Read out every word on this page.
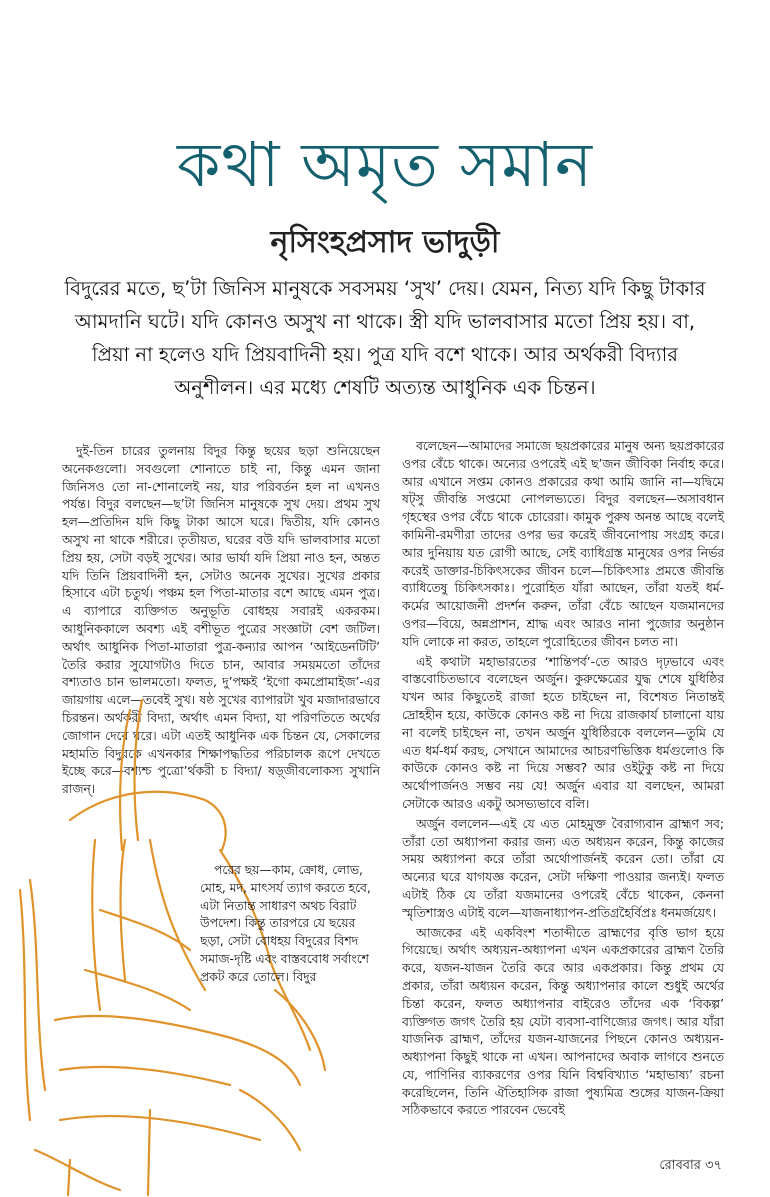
কথা অমৃত সমান
নৃসিংহপ্রসাদ ভাদুড়ী
বিদুরের মতে, ছ’টা জিনিস মানুষকে সবসময় ‘সুখ’ দেয়। যেমন, নিত্য যদি কিছু টাকার আমদানি ঘটে। যদি কোনও অসুখ না থাকে। স্ত্রী যদি ভালবাসার মতো প্রিয় হয়। বা, প্রিয়া না হলেও যদি প্রিয়বাদিনী হয়। পুত্র যদি বশে থাকে। আর অর্থকরী বিদ্যার অনুশীলন। এর মধ্যে শেষটি অত্যন্ত আধুনিক এক চিন্তন।

দুই-তিন চারের তুলনায় বিদুর কিন্তু ছয়ের ছড়া শুনিয়েছেন অনেকগুলো। সবগুলো শোনাতে চাই না, কিন্তু এমন জানা জিনিসও তো না-শোনালেই নয়, যার পরিবর্তন হল না এখনও পর্যন্ত। বিদুর বলছেন—ছ’টা জিনিস মানুষকে সুখ দেয়। প্রথম সুখ হল—প্রতিদিন যদি কিছু টাকা আসে ঘরে। দ্বিতীয়, যদি কোনও অসুখ না থাকে শরীরে। তৃতীয়ত, ঘরের বউ যদি ভালবাসার মতো প্রিয় হয়, সেটা বড়ই সুখের। আর ভার্যা যদি প্রিয়া নাও হন, অন্তত যদি তিনি প্রিয়বাদিনী হন, সেটাও অনেক সুখের। সুখের প্রকার হিসাবে এটা চতুর্থ। পঞ্চম হল পিতা-মাতার বশে আছে এমন পুত্র। এ ব্যাপারে ব্যক্তিগত অনুভূতি বোধহয় সবারই একরকম। আধুনিককালে অবশ্য এই বশীভূত পুত্রের সংজ্ঞাটা বেশ জটিল। অর্থাৎ আধুনিক পিতা-মাতারা পুত্র-কন্যার আপন ‘আইডেনটিটি’ তৈরি করার সুযোগটাও দিতে চান, আবার সময়মতো তাঁদের বশ্যতাও চান ভালমতো। ফলত, দু’পক্ষই ‘ইগো কমপ্রোমাইজ’-এর জায়গায় এলে—তবেই সুখ। ষষ্ঠ সুখের ব্যাপারটা খুব মজাদারভাবে চিরন্তন। অর্থকরী বিদ্যা, অর্থাৎ এমন বিদ্যা, যা পরিণতিতে অর্থের জোগান দেবে ঘরে। এটা এতই আধুনিক এক চিন্তন যে, সেকালের মহামতি বিদুরকে এখনকার শিক্ষাপদ্ধতির পরিচালক রূপে দেখতে ইচ্ছে করে—বশ্যশ্চ পুত্রো’র্থকরী চ বিদ্যা/ ষড়্জীবলোকস্য সুখানি রাজন্‌।

পরের ছয়—কাম, ক্রোধ, লোভ, মোহ, মদ, মাৎসর্য ত্যাগ করতে হবে, এটা নিতান্ত সাধারণ অথচ বিরাট উপদেশ। কিন্তু তারপরে যে ছয়ের ছড়া, সেটা বোধহয় বিদুরের বিশদ সমাজ-দৃষ্টি এবং বাস্তববোধ সর্বাংশে প্রকট করে তোলে। বিদুর

বলেছেন—আমাদের সমাজে ছয়প্রকারের মানুষ অন্য ছয়প্রকারের ওপর বেঁচে থাকে। অন্যের ওপরেই এই ছ’জন জীবিকা নির্বাহ করে। আর এখানে সপ্তম কোনও প্রকারের কথা আমি জানি না—যদ্বিমে ষট্‌সু জীবন্তি সপ্তমো নোপলভ্যতে। বিদুর বলছেন—অসাবধান গৃহস্থের ওপর বেঁচে থাকে চোরেরা। কামুক পুরুষ অনন্ত আছে বলেই কামিনী-রমণীরা তাদের ওপর ভর করেই জীবনোপায় সংগ্রহ করে। আর দুনিয়ায় যত রোগী আছে, সেই ব্যাধিগ্রস্ত মানুষের ওপর নির্ভর করেই ডাক্তার-চিকিৎসকের জীবন চলে—চিকিৎসাঃ প্রমত্তে জীবন্তি ব্যাধিতেষু চিকিৎসকাঃ। পুরোহিত যাঁরা আছেন, তাঁরা যতই ধর্ম-কর্মের আয়োজনী প্রদর্শন করুন, তাঁরা বেঁচে আছেন যজমানদের ওপর—বিয়ে, অন্নপ্রাশন, শ্রাদ্ধ এবং আরও নানা পুজোর অনুষ্ঠান যদি লোকে না করত, তাহলে পুরোহিতের জীবন চলত না।

এই কথাটা মহাভারতের ‘শান্তিপর্ব’-তে আরও দৃঢ়ভাবে এবং বাস্তবোচিতভাবে বলেছেন অর্জুন। কুরুক্ষেত্রের যুদ্ধ শেষে যুধিষ্ঠির যখন আর কিছুতেই রাজা হতে চাইছেন না, বিশেষত নিতান্তই দ্রোহহীন হয়ে, কাউকে কোনও কষ্ট না দিয়ে রাজকার্য চালানো যায় না বলেই চাইছেন না, তখন অর্জুন যুধিষ্ঠিরকে বললেন—তুমি যে এত ধর্ম-ধর্ম করছ, সেখানে আমাদের আচরণভিত্তিক ধর্মগুলোও কি কাউকে কোনও কষ্ট না দিয়ে সম্ভব? আর ওইটুকু কষ্ট না দিয়ে অর্থোপার্জনও সম্ভব নয় যে! অর্জুন এবার যা বলছেন, আমরা সেটাকে আরও একটু অসভ্যভাবে বলি।

অর্জুন বললেন—এই যে এত মোহমুক্ত বৈরাগ্যবান ব্রাহ্মণ সব; তাঁরা তো অধ্যাপনা করার জন্য এত অধ্যয়ন করেন, কিন্তু কাজের সময় অধ্যাপনা করে তাঁরা অর্থোপার্জনই করেন তো। তাঁরা যে অন্যের ঘরে যাগযজ্ঞ করেন, সেটা দক্ষিণা পাওয়ার জন্যই। ফলত এটাই ঠিক যে তাঁরা যজমানের ওপরেই বেঁচে থাকেন, কেননা স্মৃতিশাস্ত্রও এটাই বলে—যাজনাধ্যাপন-প্রতিগ্রহৈর্বিপ্রঃ ধনমর্জয়েৎ।

আজকের এই একবিংশ শতাব্দীতে ব্রাহ্মণের বৃত্তি ভাগ হয়ে গিয়েছে। অর্থাৎ অধ্যয়ন-অধ্যাপনা এখন একপ্রকারের ব্রাহ্মণ তৈরি করে, যজন-যাজন তৈরি করে আর একপ্রকার। কিন্তু প্রথম যে প্রকার, তাঁরা অধ্যয়ন করেন, কিন্তু অধ্যাপনার কালে শুধুই অর্থের চিন্তা করেন, ফলত অধ্যাপনার বাইরেও তাঁদের এক ‘বিকল্প’ ব্যক্তিগত জগৎ তৈরি হয় যেটা ব্যবসা-বাণিজ্যের জগৎ। আর যাঁরা যাজনিক ব্রাহ্মণ, তাঁদের যজন-যাজনের পিছনে কোনও অধ্যয়ন-অধ্যাপনা কিছুই থাকে না এখন। আপনাদের অবাক লাগবে শুনতে যে, পাণিনির ব্যাকরণের ওপর যিনি বিশ্ববিখ্যাত ‘মহাভাষ্য’ রচনা করেছিলেন, তিনি ঐতিহাসিক রাজা পুষ্যমিত্র শুঙ্গের যাজন-ক্রিয়া সঠিকভাবে করতে পারবেন ভেবেই

রোববার ৩৭
